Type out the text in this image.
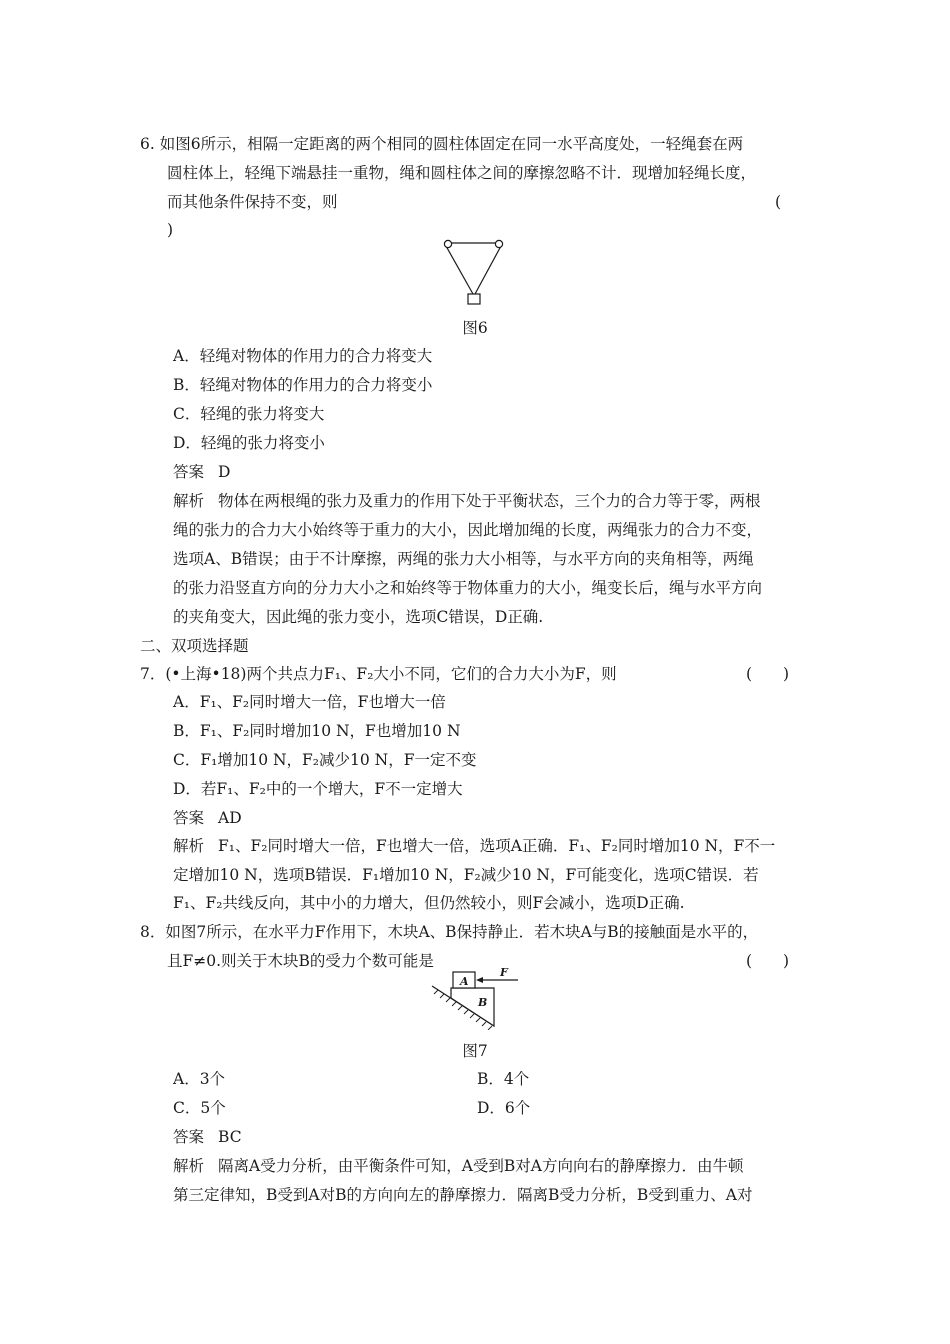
6. 如图6所示，相隔一定距离的两个相同的圆柱体固定在同一水平高度处，一轻绳套在两
圆柱体上，轻绳下端悬挂一重物，绳和圆柱体之间的摩擦忽略不计．现增加轻绳长度，
而其他条件保持不变，则	(
)
图6
A．轻绳对物体的作用力的合力将变大
B．轻绳对物体的作用力的合力将变小
C．轻绳的张力将变大
D．轻绳的张力将变小
答案 D
解析 物体在两根绳的张力及重力的作用下处于平衡状态，三个力的合力等于零，两根
绳的张力的合力大小始终等于重力的大小，因此增加绳的长度，两绳张力的合力不变，
选项A、B错误；由于不计摩擦，两绳的张力大小相等，与水平方向的夹角相等，两绳
的张力沿竖直方向的分力大小之和始终等于物体重力的大小，绳变长后，绳与水平方向
的夹角变大，因此绳的张力变小，选项C错误，D正确.
二、双项选择题
7．(•上海•18)两个共点力F₁、F₂大小不同，它们的合力大小为F，则	(　　)
A．F₁、F₂同时增大一倍，F也增大一倍
B．F₁、F₂同时增加10 N，F也增加10 N
C．F₁增加10 N，F₂减少10 N，F一定不变
D．若F₁、F₂中的一个增大，F不一定增大
答案 AD
解析 F₁、F₂同时增大一倍，F也增大一倍，选项A正确．F₁、F₂同时增加10 N，F不一
定增加10 N，选项B错误．F₁增加10 N，F₂减少10 N，F可能变化，选项C错误．若
F₁、F₂共线反向，其中小的力增大，但仍然较小，则F会减小，选项D正确.
8．如图7所示，在水平力F作用下，木块A、B保持静止．若木块A与B的接触面是水平的，
且F≠0.则关于木块B的受力个数可能是	(　　)
A
B
F
图7
A．3个	B．4个
C．5个	D．6个
答案 BC
解析 隔离A受力分析，由平衡条件可知，A受到B对A方向向右的静摩擦力．由牛顿
第三定律知，B受到A对B的方向向左的静摩擦力．隔离B受力分析，B受到重力、A对
